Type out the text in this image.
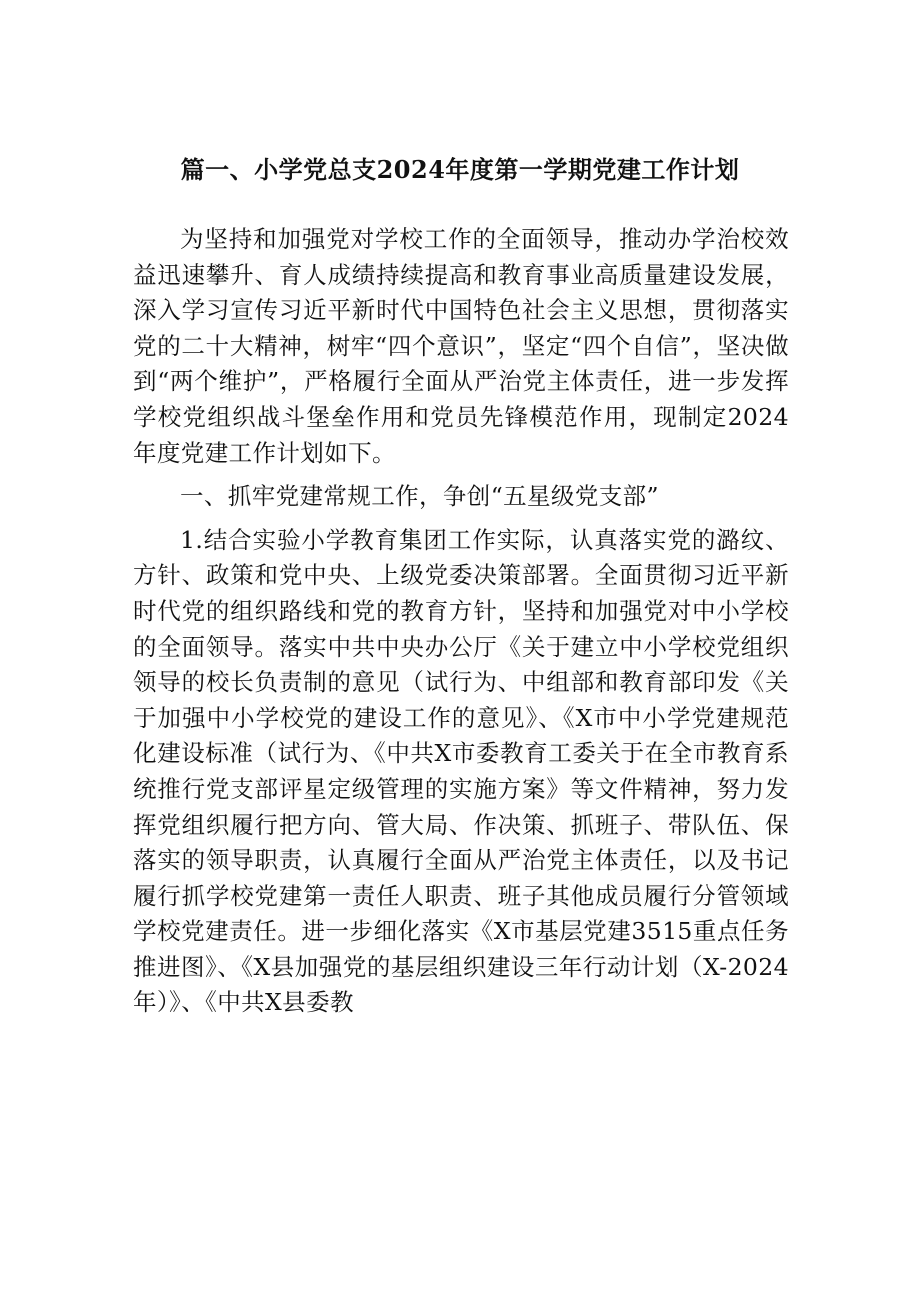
篇一、小学党总支2024年度第一学期党建工作计划

为坚持和加强党对学校工作的全面领导，推动办学治校效益迅速攀升、育人成绩持续提高和教育事业高质量建设发展，深入学习宣传习近平新时代中国特色社会主义思想，贯彻落实党的二十大精神，树牢“四个意识”，坚定“四个自信”，坚决做到“两个维护”，严格履行全面从严治党主体责任，进一步发挥学校党组织战斗堡垒作用和党员先锋模范作用，现制定2024年度党建工作计划如下。

一、抓牢党建常规工作，争创“五星级党支部”

1.结合实验小学教育集团工作实际，认真落实党的潞纹、方针、政策和党中央、上级党委决策部署。全面贯彻习近平新时代党的组织路线和党的教育方针，坚持和加强党对中小学校的全面领导。落实中共中央办公厅《关于建立中小学校党组织领导的校长负责制的意见（试行为、中组部和教育部印发《关于加强中小学校党的建设工作的意见》、《X市中小学党建规范化建设标准（试行为、《中共X市委教育工委关于在全市教育系统推行党支部评星定级管理的实施方案》等文件精神，努力发挥党组织履行把方向、管大局、作决策、抓班子、带队伍、保落实的领导职责，认真履行全面从严治党主体责任，以及书记履行抓学校党建第一责任人职责、班子其他成员履行分管领域学校党建责任。进一步细化落实《X市基层党建3515重点任务推进图》、《X县加强党的基层组织建设三年行动计划（X-2024年）》、《中共X县委教
